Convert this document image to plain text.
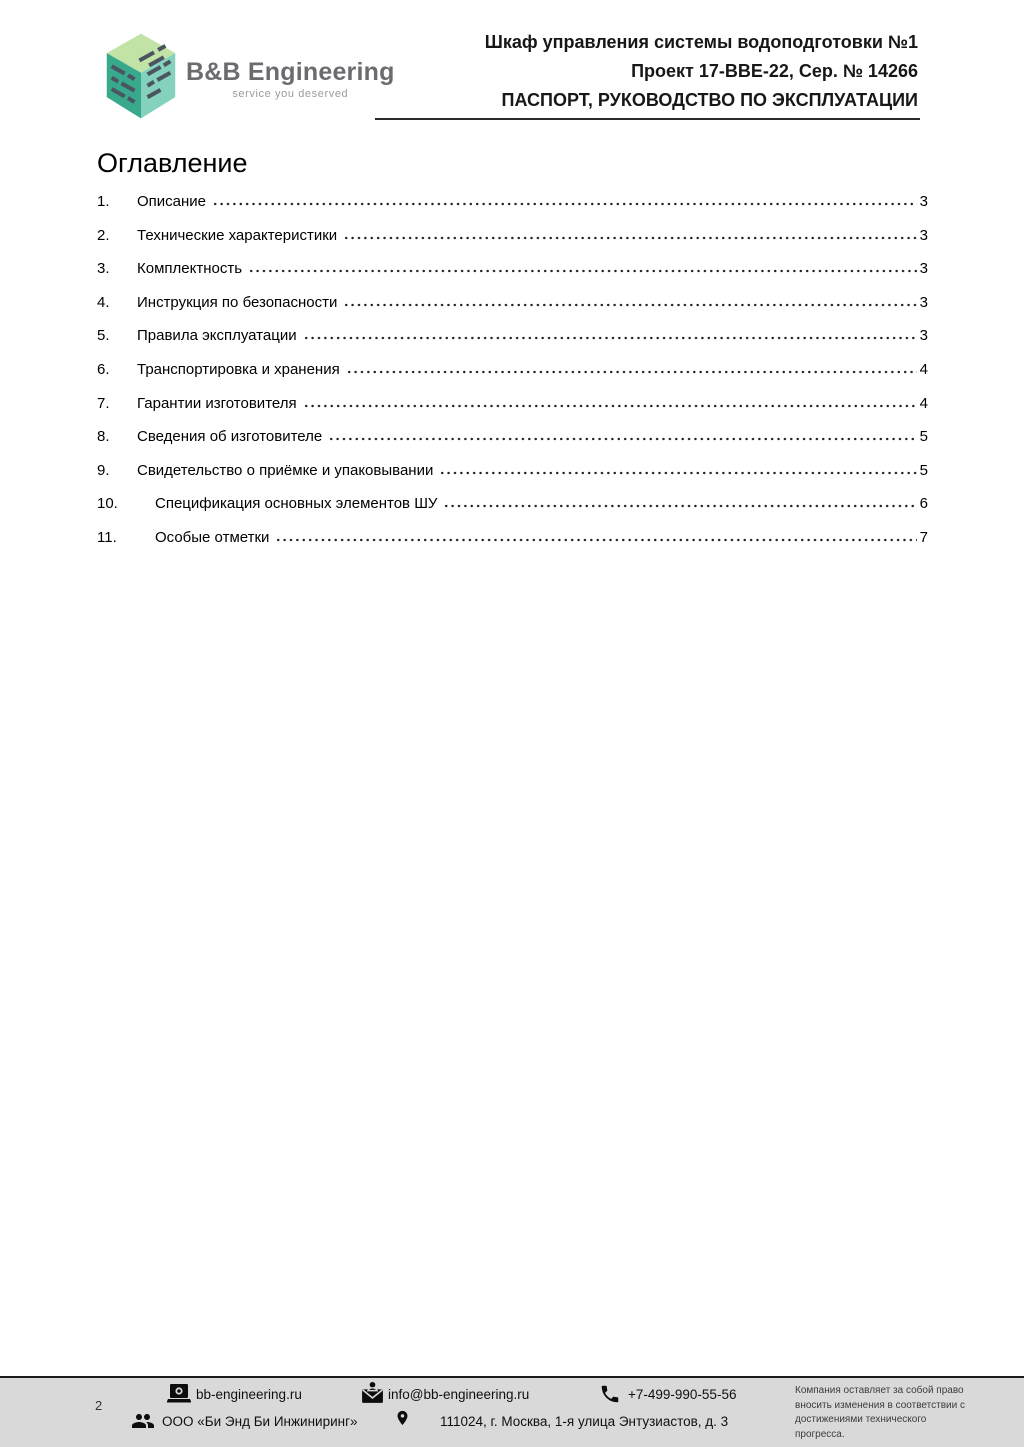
B&B Engineering
service you deserved
Шкаф управления системы водоподготовки №1
Проект 17-BBE-22, Сер. № 14266
ПАСПОРТ, РУКОВОДСТВО ПО ЭКСПЛУАТАЦИИ
Оглавление
1.	Описание	3
2.	Технические характеристики	3
3.	Комплектность	3
4.	Инструкция по безопасности	3
5.	Правила эксплуатации	3
6.	Транспортировка и хранения	4
7.	Гарантии изготовителя	4
8.	Сведения об изготовителе	5
9.	Свидетельство о приёмке и упаковывании	5
10.	Спецификация основных элементов ШУ	6
11.	Особые отметки	7
2
bb-engineering.ru	info@bb-engineering.ru	+7-499-990-55-56
ООО «Би Энд Би Инжиниринг»	111024, г. Москва, 1-я улица Энтузиастов, д. 3
Компания оставляет за собой право вносить изменения в соответствии с достижениями технического прогресса.
